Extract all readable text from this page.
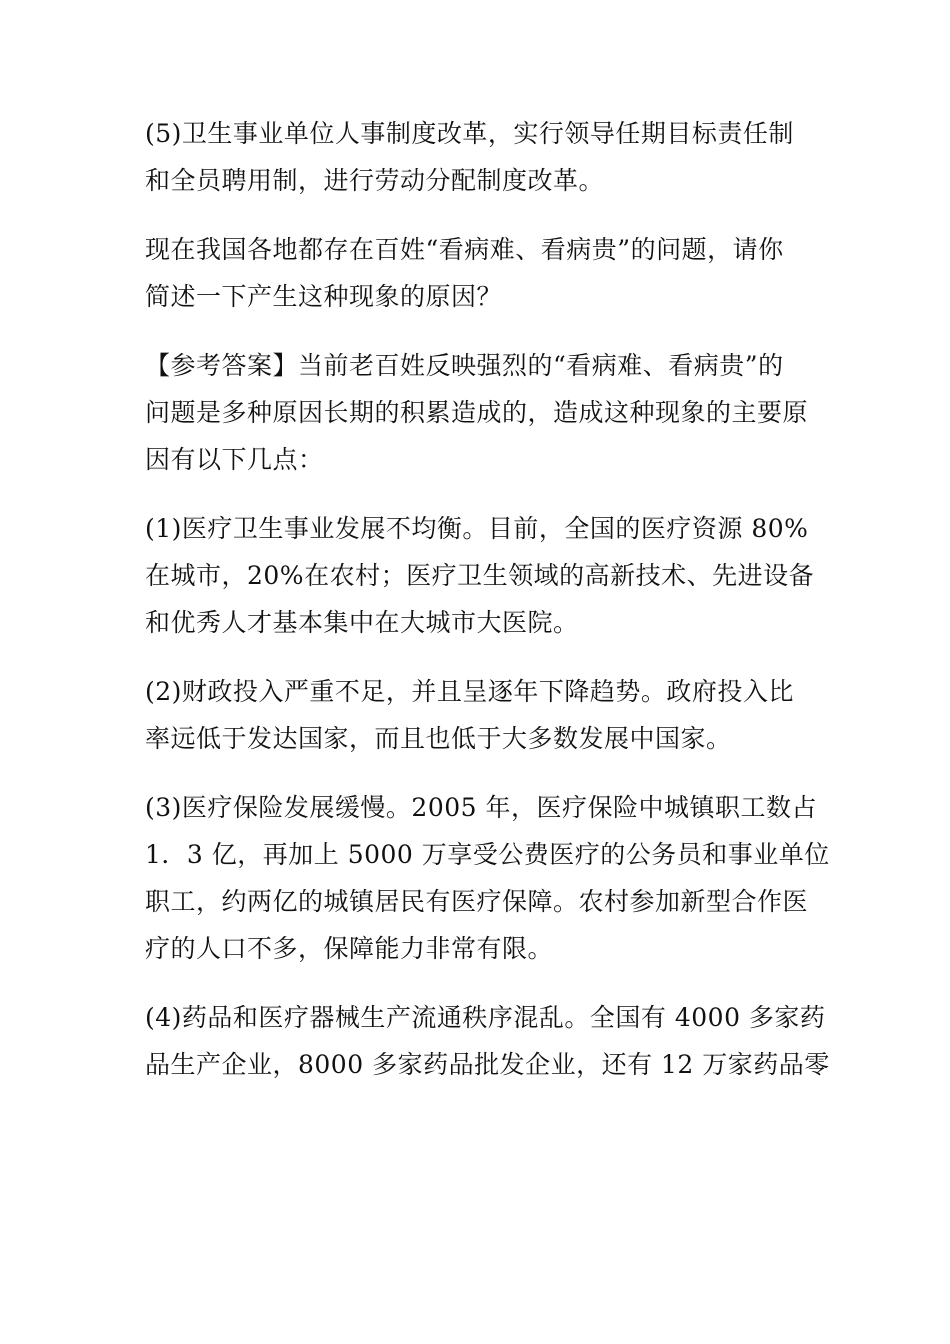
(5)卫生事业单位人事制度改革，实行领导任期目标责任制
和全员聘用制，进行劳动分配制度改革。

现在我国各地都存在百姓“看病难、看病贵”的问题，请你
简述一下产生这种现象的原因？

【参考答案】当前老百姓反映强烈的“看病难、看病贵”的
问题是多种原因长期的积累造成的，造成这种现象的主要原
因有以下几点：

(1)医疗卫生事业发展不均衡。目前，全国的医疗资源 80%
在城市，20%在农村；医疗卫生领域的高新技术、先进设备
和优秀人才基本集中在大城市大医院。

(2)财政投入严重不足，并且呈逐年下降趋势。政府投入比
率远低于发达国家，而且也低于大多数发展中国家。

(3)医疗保险发展缓慢。2005 年，医疗保险中城镇职工数占
1．3 亿，再加上 5000 万享受公费医疗的公务员和事业单位
职工，约两亿的城镇居民有医疗保障。农村参加新型合作医
疗的人口不多，保障能力非常有限。

(4)药品和医疗器械生产流通秩序混乱。全国有 4000 多家药
品生产企业，8000 多家药品批发企业，还有 12 万家药品零
